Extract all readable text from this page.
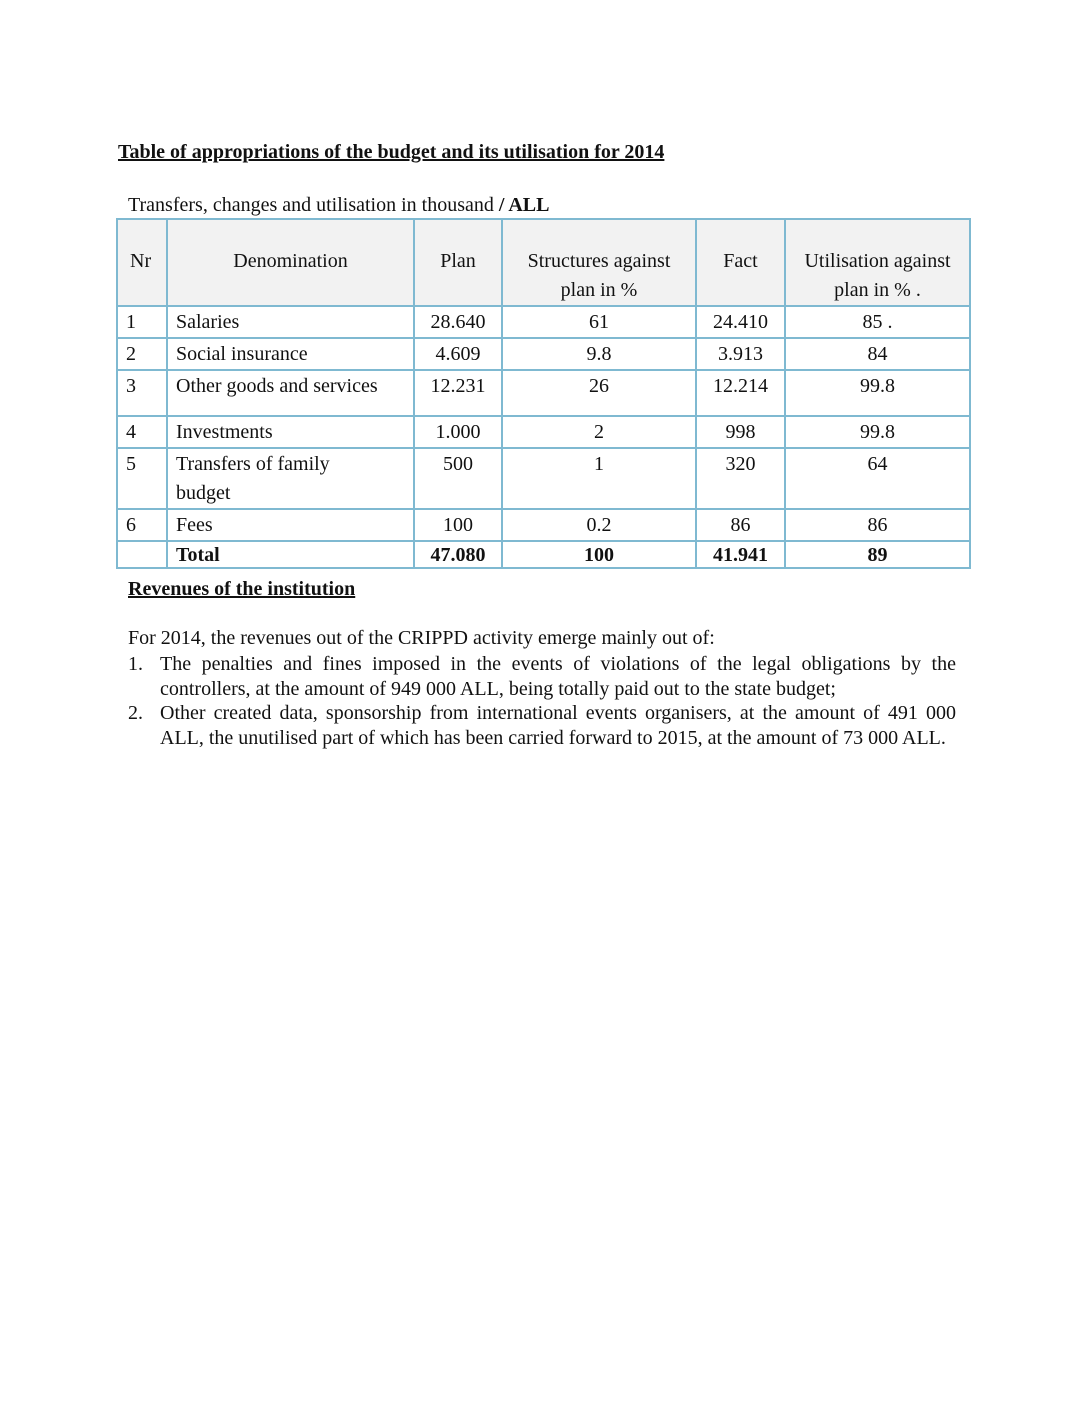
Table of appropriations of the budget and its utilisation for 2014
Transfers, changes and utilisation in thousand / ALL
Nr	Denomination	Plan	Structures against plan in %	Fact	Utilisation against plan in % .
1	Salaries	28.640	61	24.410	85 .
2	Social insurance	4.609	9.8	3.913	84
3	Other goods and services	12.231	26	12.214	99.8
4	Investments	1.000	2	998	99.8
5	Transfers of family budget	500	1	320	64
6	Fees	100	0.2	86	86
	Total	47.080	100	41.941	89
Revenues of the institution
For 2014, the revenues out of the CRIPPD activity emerge mainly out of:
1. The penalties and fines imposed in the events of violations of the legal obligations by the controllers, at the amount of 949 000 ALL, being totally paid out to the state budget;
2. Other created data, sponsorship from international events organisers, at the amount of 491 000 ALL, the unutilised part of which has been carried forward to 2015, at the amount of 73 000 ALL.
